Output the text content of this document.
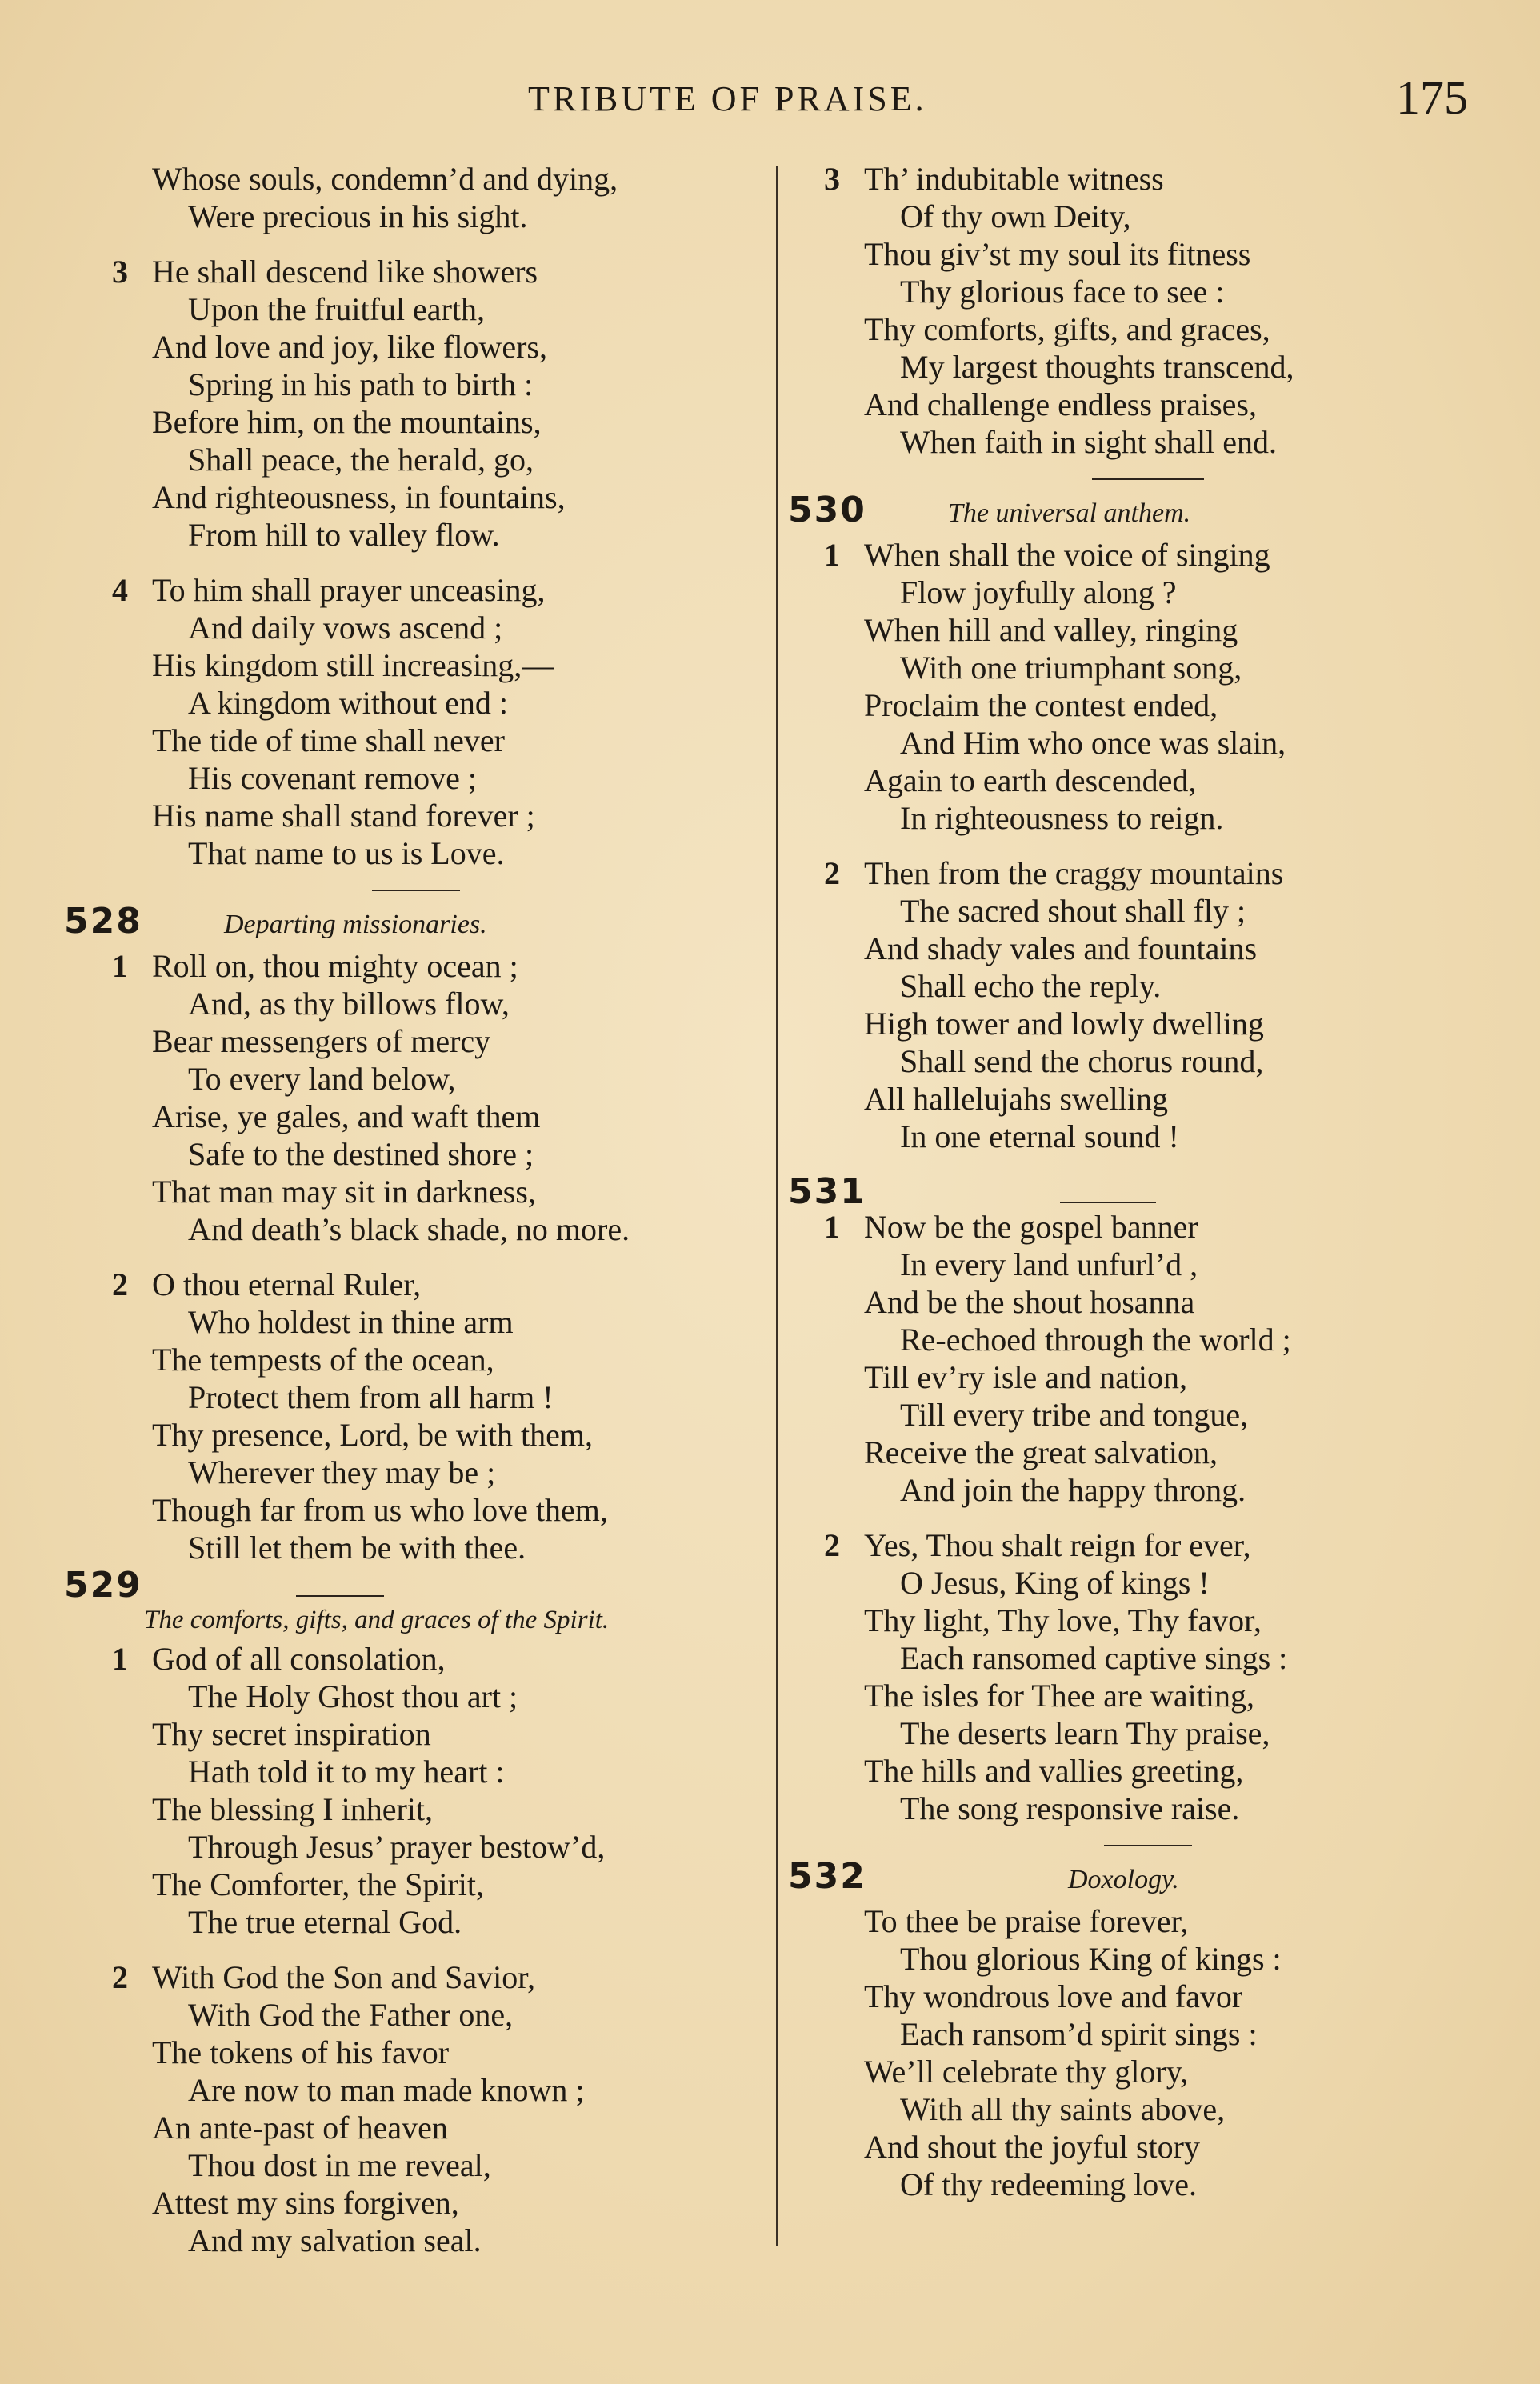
TRIBUTE OF PRAISE.	175
Whose souls, condemn’d and dying,
Were precious in his sight.
3 He shall descend like showers
Upon the fruitful earth,
And love and joy, like flowers,
Spring in his path to birth :
Before him, on the mountains,
Shall peace, the herald, go,
And righteousness, in fountains,
From hill to valley flow.
4 To him shall prayer unceasing,
And daily vows ascend ;
His kingdom still increasing,—
A kingdom without end :
The tide of time shall never
His covenant remove ;
His name shall stand forever ;
That name to us is Love.
528	Departing missionaries.
1 Roll on, thou mighty ocean ;
And, as thy billows flow,
Bear messengers of mercy
To every land below,
Arise, ye gales, and waft them
Safe to the destined shore ;
That man may sit in darkness,
And death’s black shade, no more.
2 O thou eternal Ruler,
Who holdest in thine arm
The tempests of the ocean,
Protect them from all harm !
Thy presence, Lord, be with them,
Wherever they may be ;
Though far from us who love them,
Still let them be with thee.
529
The comforts, gifts, and graces of the Spirit.
1 God of all consolation,
The Holy Ghost thou art ;
Thy secret inspiration
Hath told it to my heart :
The blessing I inherit,
Through Jesus’ prayer bestow’d,
The Comforter, the Spirit,
The true eternal God.
2 With God the Son and Savior,
With God the Father one,
The tokens of his favor
Are now to man made known ;
An ante-past of heaven
Thou dost in me reveal,
Attest my sins forgiven,
And my salvation seal.
3 Th’ indubitable witness
Of thy own Deity,
Thou giv’st my soul its fitness
Thy glorious face to see :
Thy comforts, gifts, and graces,
My largest thoughts transcend,
And challenge endless praises,
When faith in sight shall end.
530	The universal anthem.
1 When shall the voice of singing
Flow joyfully along ?
When hill and valley, ringing
With one triumphant song,
Proclaim the contest ended,
And Him who once was slain,
Again to earth descended,
In righteousness to reign.
2 Then from the craggy mountains
The sacred shout shall fly ;
And shady vales and fountains
Shall echo the reply.
High tower and lowly dwelling
Shall send the chorus round,
All hallelujahs swelling
In one eternal sound !
531
1 Now be the gospel banner
In every land unfurl’d ,
And be the shout hosanna
Re-echoed through the world ;
Till ev’ry isle and nation,
Till every tribe and tongue,
Receive the great salvation,
And join the happy throng.
2 Yes, Thou shalt reign for ever,
O Jesus, King of kings !
Thy light, Thy love, Thy favor,
Each ransomed captive sings :
The isles for Thee are waiting,
The deserts learn Thy praise,
The hills and vallies greeting,
The song responsive raise.
532	Doxology.
To thee be praise forever,
Thou glorious King of kings :
Thy wondrous love and favor
Each ransom’d spirit sings :
We’ll celebrate thy glory,
With all thy saints above,
And shout the joyful story
Of thy redeeming love.
